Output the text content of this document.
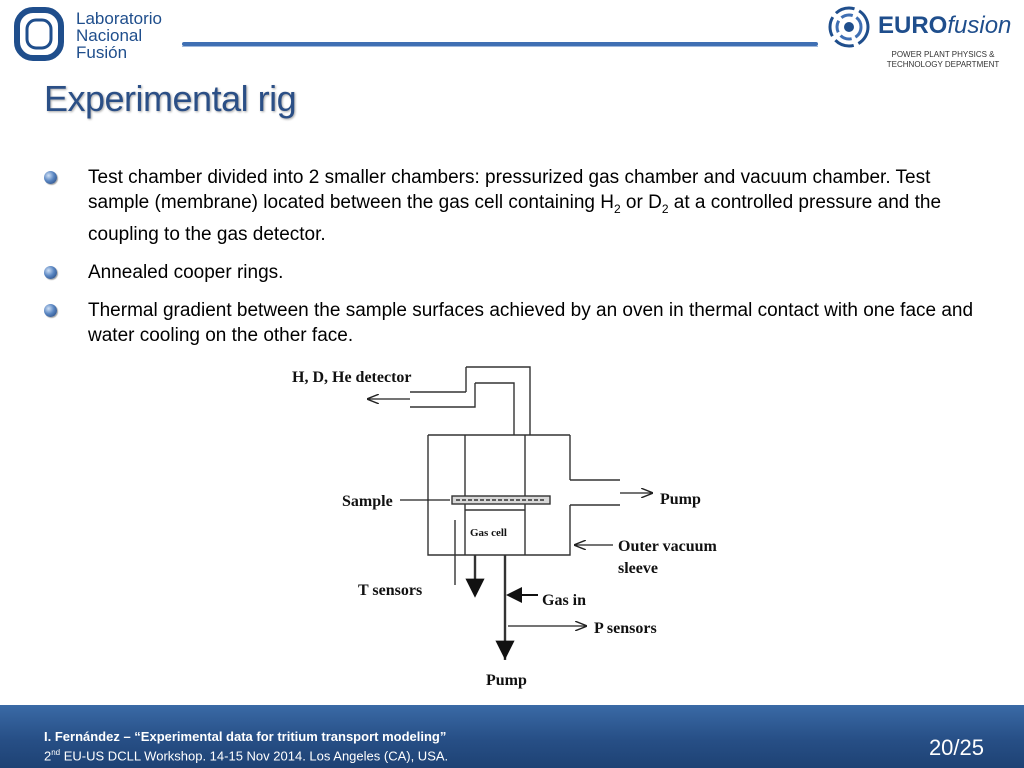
Laboratorio
Nacional
Fusión
EUROfusion
POWER PLANT PHYSICS &
TECHNOLOGY DEPARTMENT
Experimental rig
Test chamber divided into 2 smaller chambers: pressurized gas chamber and vacuum chamber. Test sample (membrane) located between the gas cell containing $H_2$ or $D_2$ at a controlled pressure and the coupling to the gas detector.
Annealed cooper rings.
Thermal gradient between the sample surfaces achieved by an oven in thermal contact with one face and water cooling on the other face.
H, D, He detector
Sample	Pump
Gas cell
Outer vacuum
sleeve
T sensors
Gas in
P sensors
Pump
I. Fernández – “Experimental data for tritium transport modeling”
2nd EU-US DCLL Workshop. 14-15 Nov 2014. Los Angeles (CA), USA.	20/25
